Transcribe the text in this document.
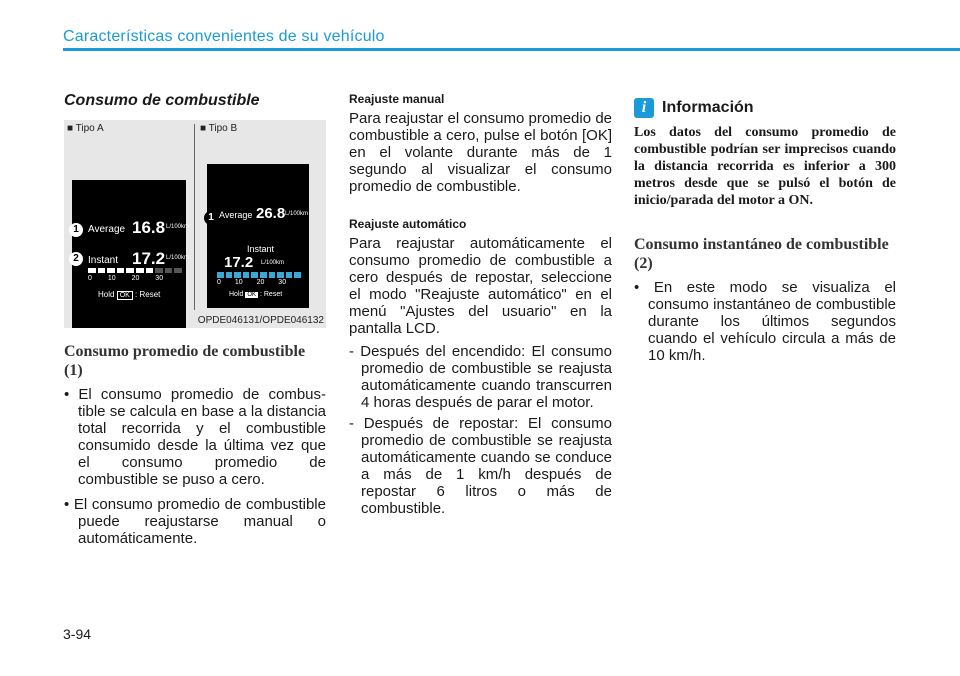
Características convenientes de su vehículo
Consumo de combustible
■ Tipo A	■ Tipo B
Average 16.8 L/100km
Instant 17.2 L/100km
0 10 20 30
Hold OK : Reset
1
2
Average 26.8 L/100km
Instant
17.2 L/100km
0 10 20 30
Hold OK : Reset
1
2
OPDE046131/OPDE046132
Consumo promedio de combustible (1)

• El consumo promedio de combus-tible se calcula en base a la distancia total recorrida y el combustible consumido desde la última vez que el consumo promedio de combustible se puso a cero.

• El consumo promedio de combustible puede reajustarse manual o automáticamente.

Reajuste manual

Para reajustar el consumo promedio de combustible a cero, pulse el botón [OK] en el volante durante más de 1 segundo al visualizar el consumo promedio de combustible.

Reajuste automático

Para reajustar automáticamente el consumo promedio de combustible a cero después de repostar, seleccione el modo "Reajuste automático" en el menú "Ajustes del usuario" en la pantalla LCD.

- Después del encendido: El consumo promedio de combustible se reajusta automáticamente cuando transcurren 4 horas después de parar el motor.

- Después de repostar: El consumo promedio de combustible se reajusta automáticamente cuando se conduce a más de 1 km/h después de repostar 6 litros o más de combustible.

i Información

Los datos del consumo promedio de combustible podrían ser imprecisos cuando la distancia recorrida es inferior a 300 metros desde que se pulsó el botón de inicio/parada del motor a ON.

Consumo instantáneo de combustible (2)

• En este modo se visualiza el consumo instantáneo de combustible durante los últimos segundos cuando el vehículo circula a más de 10 km/h.

3-94
